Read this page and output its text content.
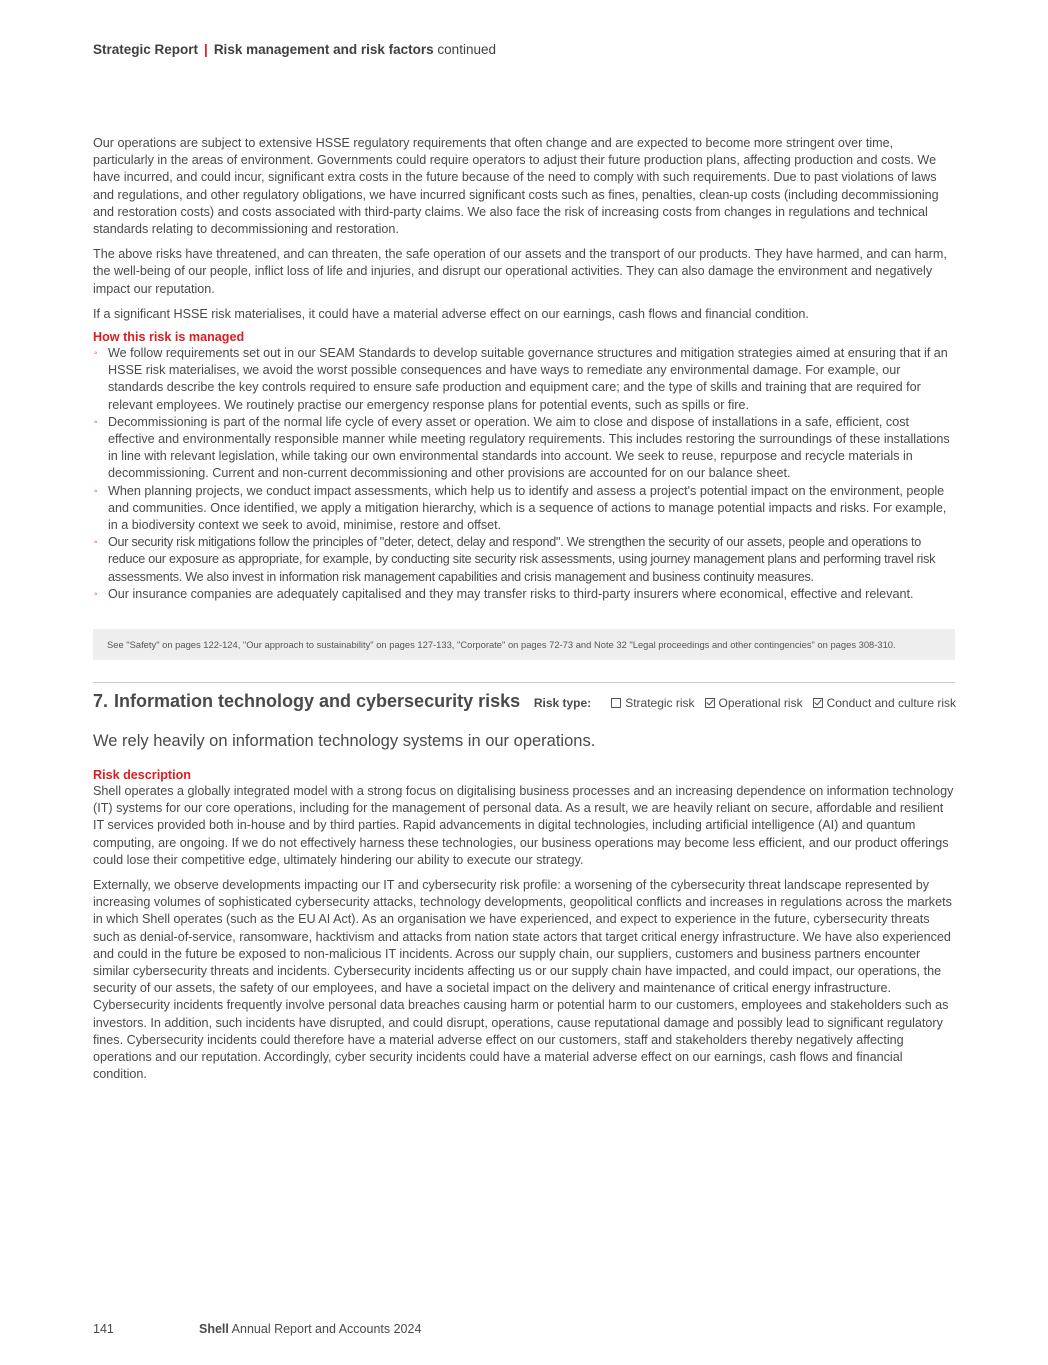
Strategic Report | Risk management and risk factors continued

Our operations are subject to extensive HSSE regulatory requirements that often change and are expected to become more stringent over time, particularly in the areas of environment. Governments could require operators to adjust their future production plans, affecting production and costs. We have incurred, and could incur, significant extra costs in the future because of the need to comply with such requirements. Due to past violations of laws and regulations, and other regulatory obligations, we have incurred significant costs such as fines, penalties, clean-up costs (including decommissioning and restoration costs) and costs associated with third-party claims. We also face the risk of increasing costs from changes in regulations and technical standards relating to decommissioning and restoration.

The above risks have threatened, and can threaten, the safe operation of our assets and the transport of our products. They have harmed, and can harm, the well-being of our people, inflict loss of life and injuries, and disrupt our operational activities. They can also damage the environment and negatively impact our reputation.

If a significant HSSE risk materialises, it could have a material adverse effect on our earnings, cash flows and financial condition.

How this risk is managed
◦ We follow requirements set out in our SEAM Standards to develop suitable governance structures and mitigation strategies aimed at ensuring that if an HSSE risk materialises, we avoid the worst possible consequences and have ways to remediate any environmental damage. For example, our standards describe the key controls required to ensure safe production and equipment care; and the type of skills and training that are required for relevant employees. We routinely practise our emergency response plans for potential events, such as spills or fire.
◦ Decommissioning is part of the normal life cycle of every asset or operation. We aim to close and dispose of installations in a safe, efficient, cost effective and environmentally responsible manner while meeting regulatory requirements. This includes restoring the surroundings of these installations in line with relevant legislation, while taking our own environmental standards into account. We seek to reuse, repurpose and recycle materials in decommissioning. Current and non-current decommissioning and other provisions are accounted for on our balance sheet.
◦ When planning projects, we conduct impact assessments, which help us to identify and assess a project's potential impact on the environment, people and communities. Once identified, we apply a mitigation hierarchy, which is a sequence of actions to manage potential impacts and risks. For example, in a biodiversity context we seek to avoid, minimise, restore and offset.
◦ Our security risk mitigations follow the principles of "deter, detect, delay and respond". We strengthen the security of our assets, people and operations to reduce our exposure as appropriate, for example, by conducting site security risk assessments, using journey management plans and performing travel risk assessments. We also invest in information risk management capabilities and crisis management and business continuity measures.
◦ Our insurance companies are adequately capitalised and they may transfer risks to third-party insurers where economical, effective and relevant.
See "Safety" on pages 122-124, "Our approach to sustainability" on pages 127-133, "Corporate" on pages 72-73 and Note 32 "Legal proceedings and other contingencies" on pages 308-310.
7. Information technology and cybersecurity risks Risk type:	Strategic risk Operational risk Conduct and culture risk
We rely heavily on information technology systems in our operations.
Risk description

Shell operates a globally integrated model with a strong focus on digitalising business processes and an increasing dependence on information technology (IT) systems for our core operations, including for the management of personal data. As a result, we are heavily reliant on secure, affordable and resilient IT services provided both in-house and by third parties. Rapid advancements in digital technologies, including artificial intelligence (AI) and quantum computing, are ongoing. If we do not effectively harness these technologies, our business operations may become less efficient, and our product offerings could lose their competitive edge, ultimately hindering our ability to execute our strategy.

Externally, we observe developments impacting our IT and cybersecurity risk profile: a worsening of the cybersecurity threat landscape represented by increasing volumes of sophisticated cybersecurity attacks, technology developments, geopolitical conflicts and increases in regulations across the markets in which Shell operates (such as the EU AI Act). As an organisation we have experienced, and expect to experience in the future, cybersecurity threats such as denial-of-service, ransomware, hacktivism and attacks from nation state actors that target critical energy infrastructure. We have also experienced and could in the future be exposed to non-malicious IT incidents. Across our supply chain, our suppliers, customers and business partners encounter similar cybersecurity threats and incidents. Cybersecurity incidents affecting us or our supply chain have impacted, and could impact, our operations, the security of our assets, the safety of our employees, and have a societal impact on the delivery and maintenance of critical energy infrastructure. Cybersecurity incidents frequently involve personal data breaches causing harm or potential harm to our customers, employees and stakeholders such as investors. In addition, such incidents have disrupted, and could disrupt, operations, cause reputational damage and possibly lead to significant regulatory fines. Cybersecurity incidents could therefore have a material adverse effect on our customers, staff and stakeholders thereby negatively affecting operations and our reputation. Accordingly, cyber security incidents could have a material adverse effect on our earnings, cash flows and financial condition.

141	Shell Annual Report and Accounts 2024
